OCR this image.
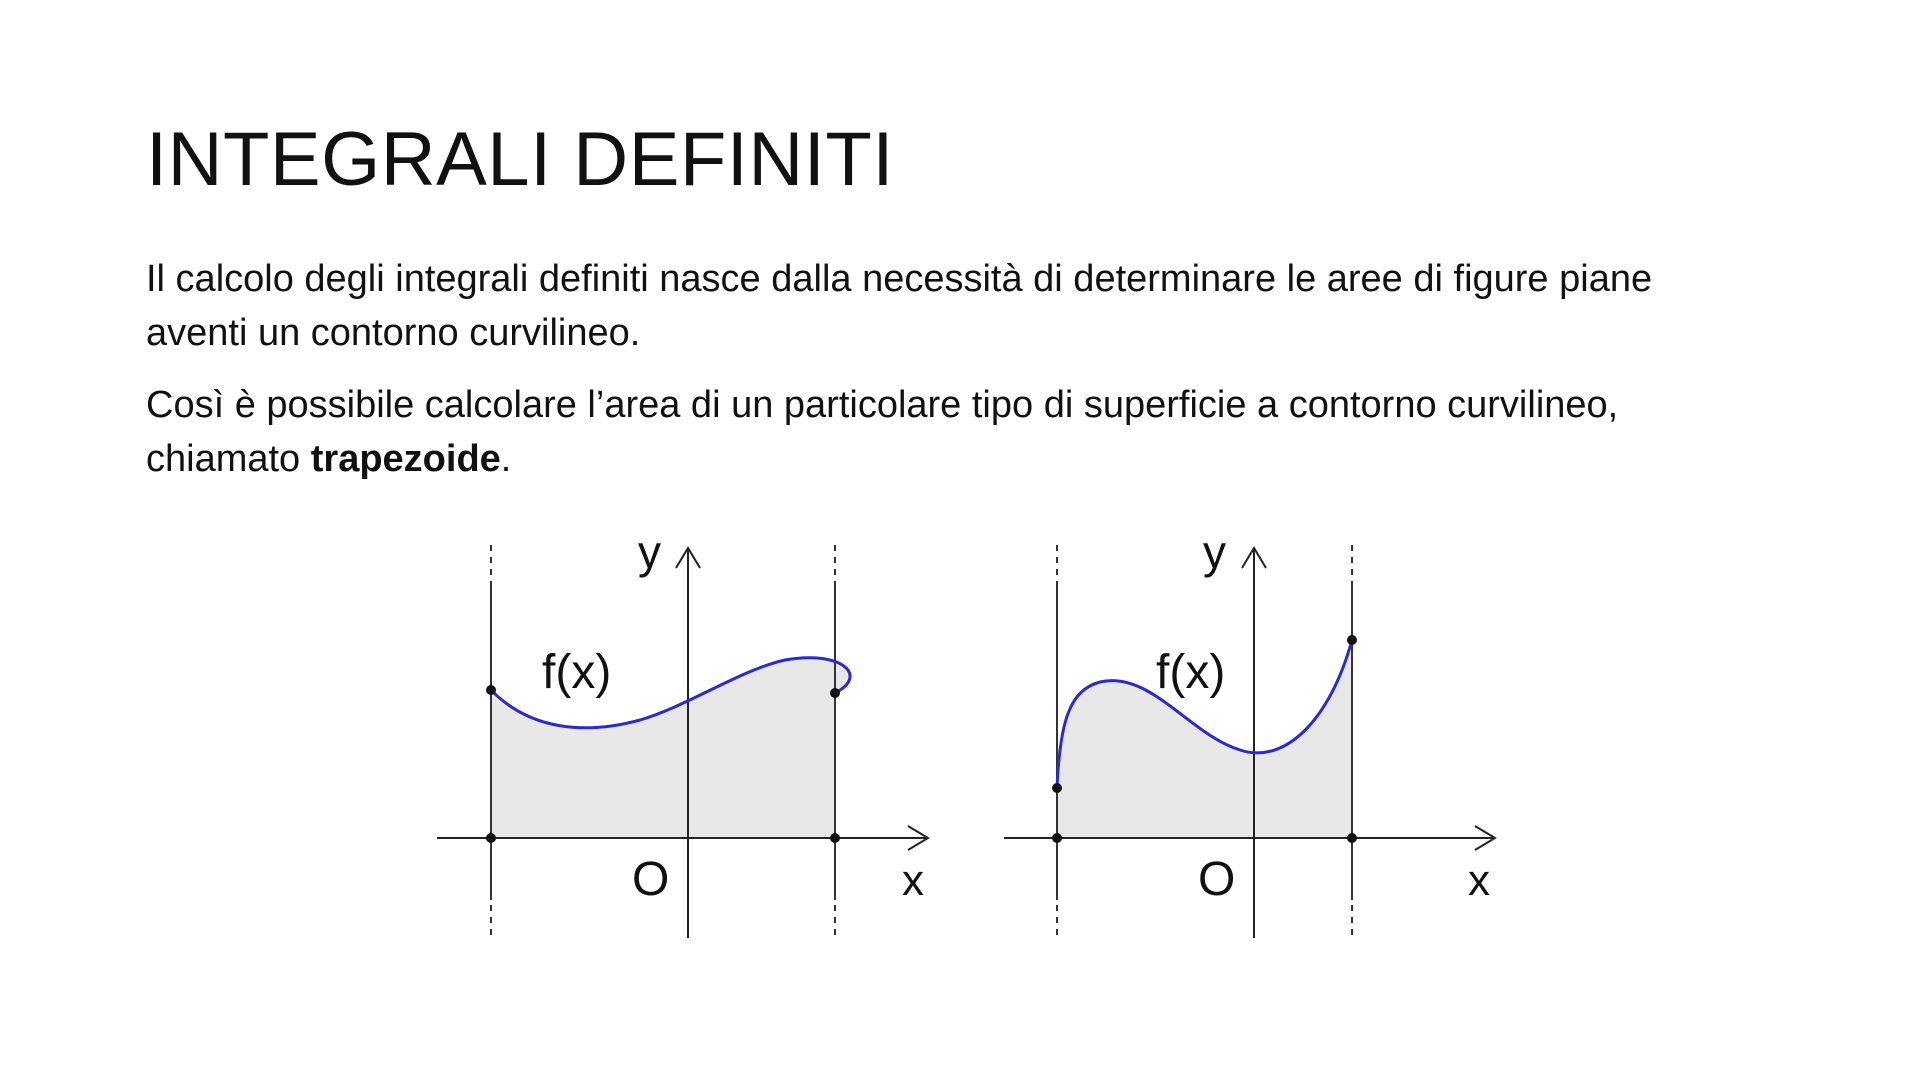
INTEGRALI DEFINITI

Il calcolo degli integrali definiti nasce dalla necessità di determinare le aree di figure piane aventi un contorno curvilineo.

Così è possibile calcolare l’area di un particolare tipo di superficie a contorno curvilineo, chiamato trapezoide.

f(x)
y
O	x
f(x)
y
O	x
